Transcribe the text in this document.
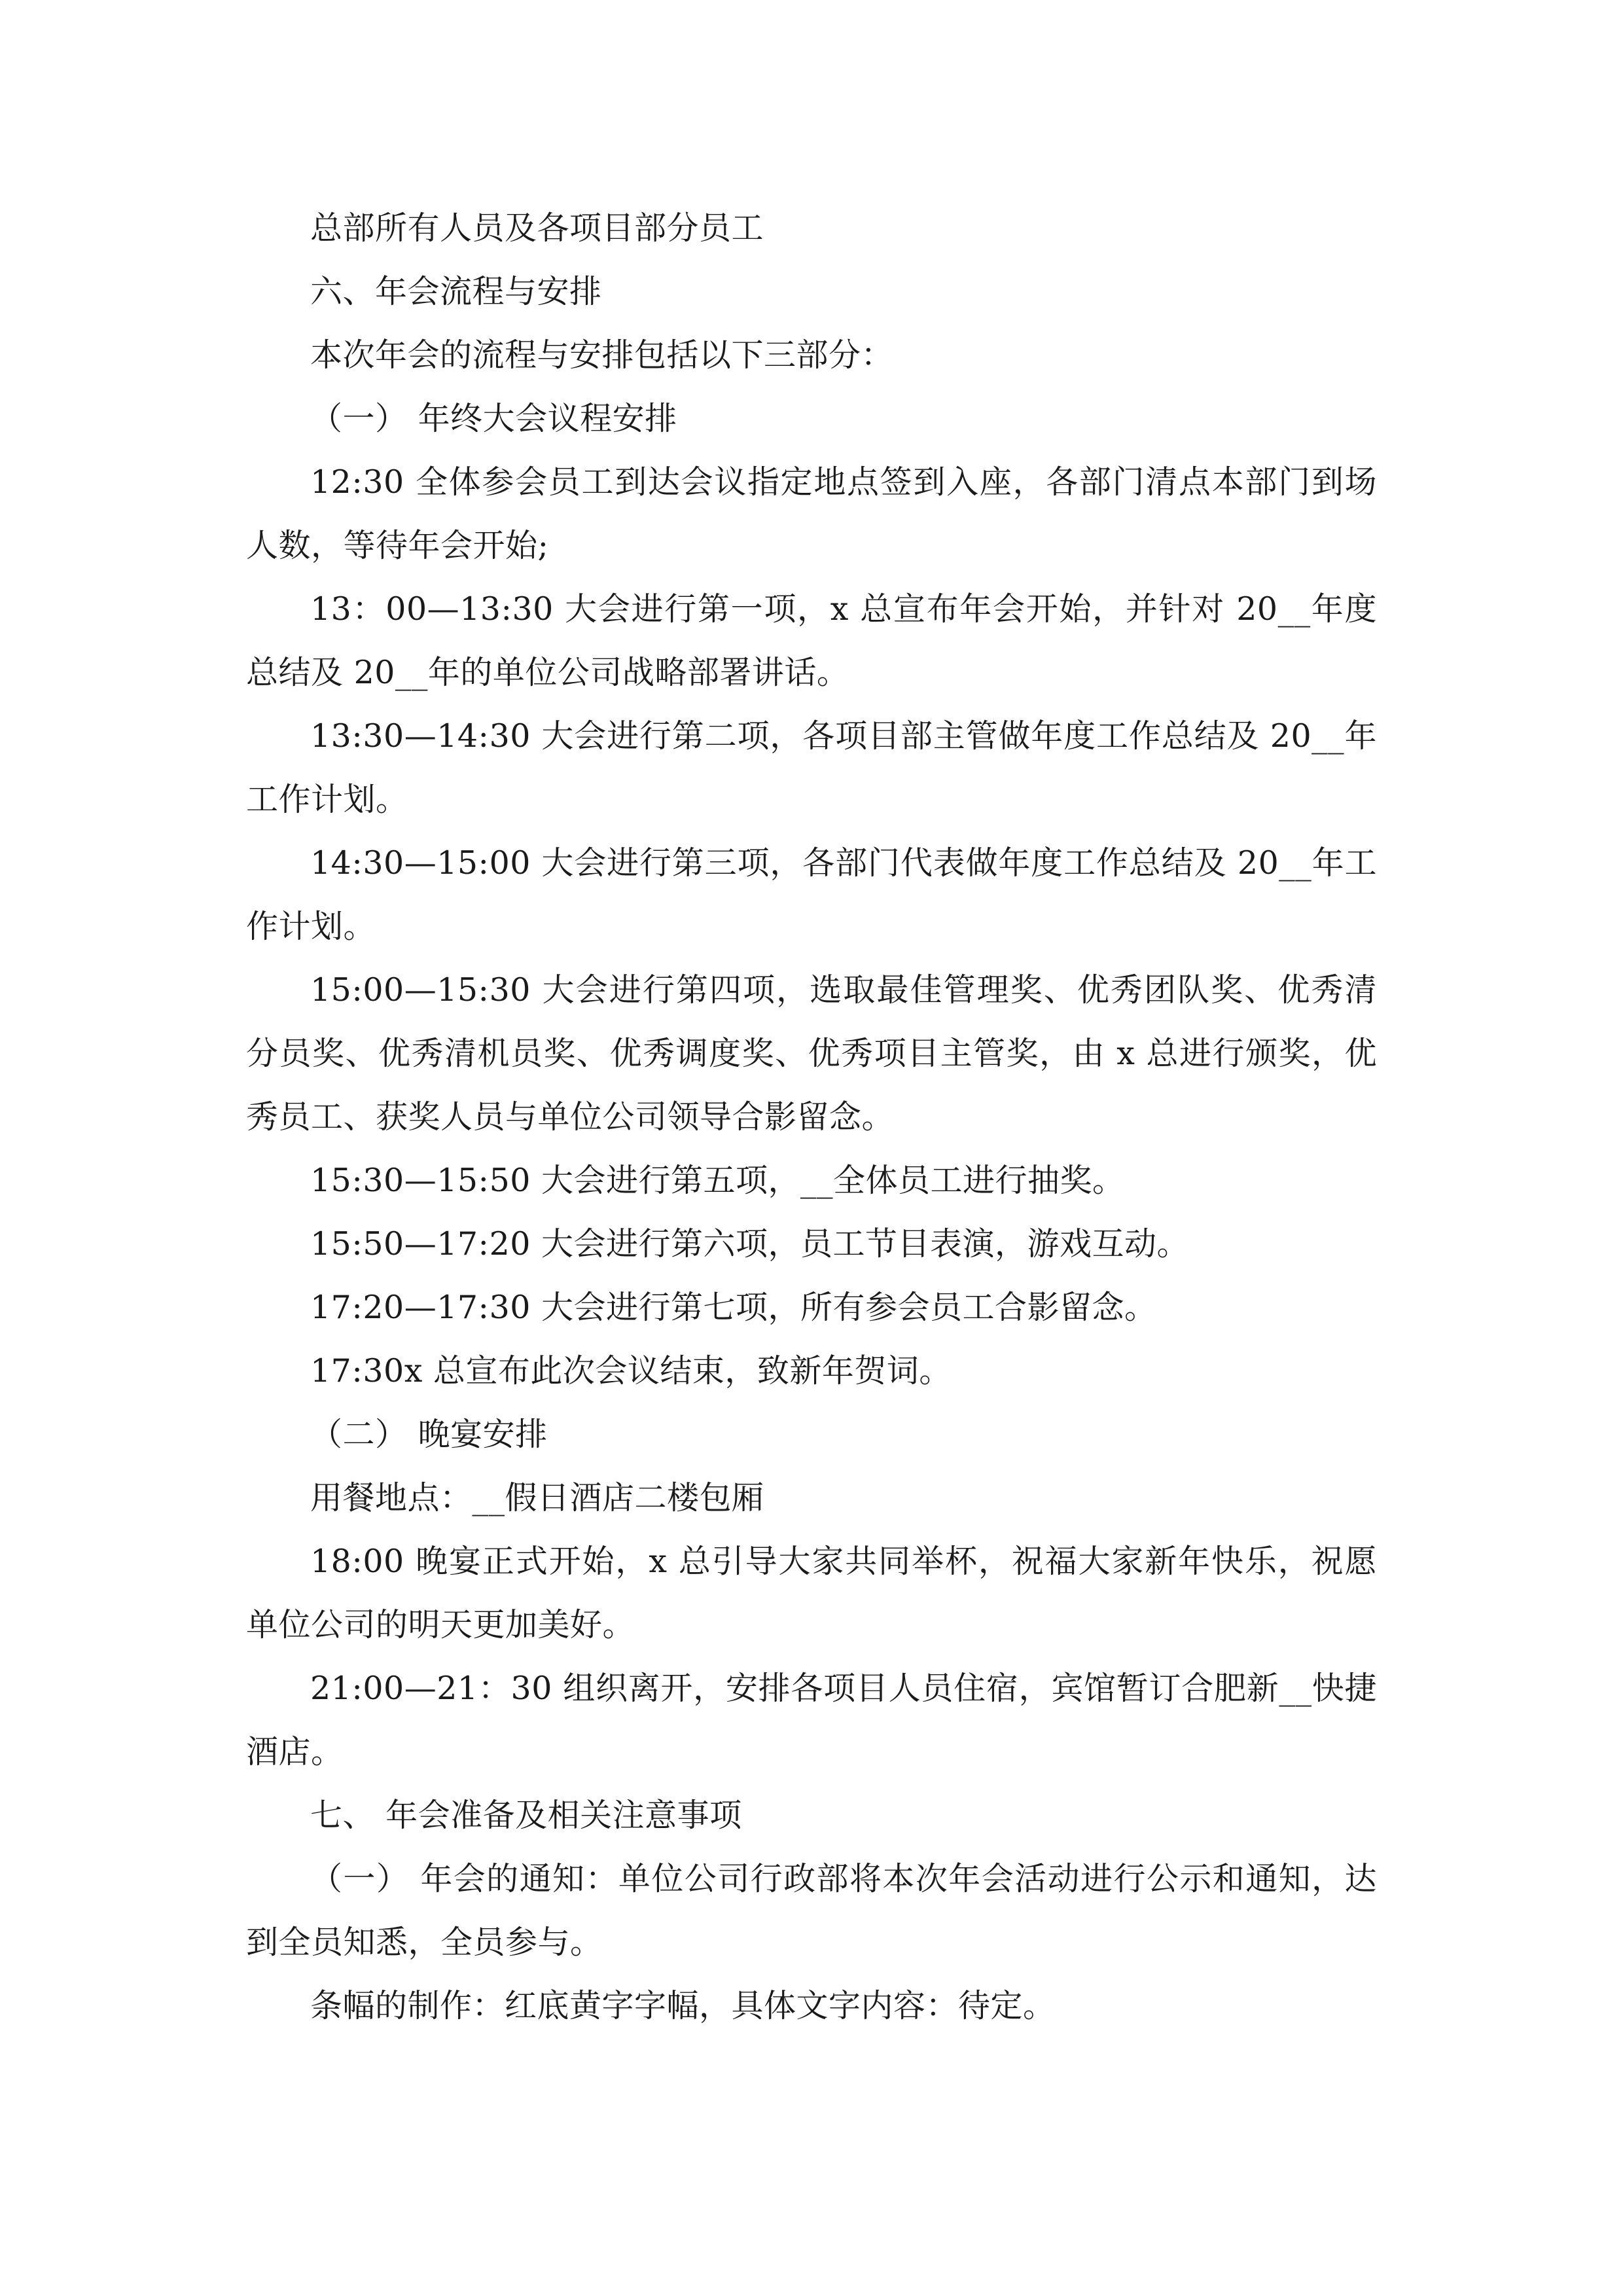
总部所有人员及各项目部分员工

六、年会流程与安排

本次年会的流程与安排包括以下三部分：

（一） 年终大会议程安排

12:30 全体参会员工到达会议指定地点签到入座，各部门清点本部门到场人数，等待年会开始;

13：00—13:30 大会进行第一项，x 总宣布年会开始，并针对 20__年度总结及 20__年的单位公司战略部署讲话。

13:30—14:30 大会进行第二项，各项目部主管做年度工作总结及 20__年工作计划。

14:30—15:00 大会进行第三项，各部门代表做年度工作总结及 20__年工作计划。

15:00—15:30 大会进行第四项，选取最佳管理奖、优秀团队奖、优秀清分员奖、优秀清机员奖、优秀调度奖、优秀项目主管奖，由 x 总进行颁奖，优秀员工、获奖人员与单位公司领导合影留念。

15:30—15:50 大会进行第五项，__全体员工进行抽奖。

15:50—17:20 大会进行第六项，员工节目表演，游戏互动。

17:20—17:30 大会进行第七项，所有参会员工合影留念。

17:30x 总宣布此次会议结束，致新年贺词。

（二） 晚宴安排

用餐地点：__假日酒店二楼包厢

18:00 晚宴正式开始，x 总引导大家共同举杯，祝福大家新年快乐，祝愿单位公司的明天更加美好。

21:00—21：30 组织离开，安排各项目人员住宿，宾馆暂订合肥新__快捷酒店。

七、 年会准备及相关注意事项

（一） 年会的通知：单位公司行政部将本次年会活动进行公示和通知，达到全员知悉，全员参与。

条幅的制作：红底黄字字幅，具体文字内容：待定。
